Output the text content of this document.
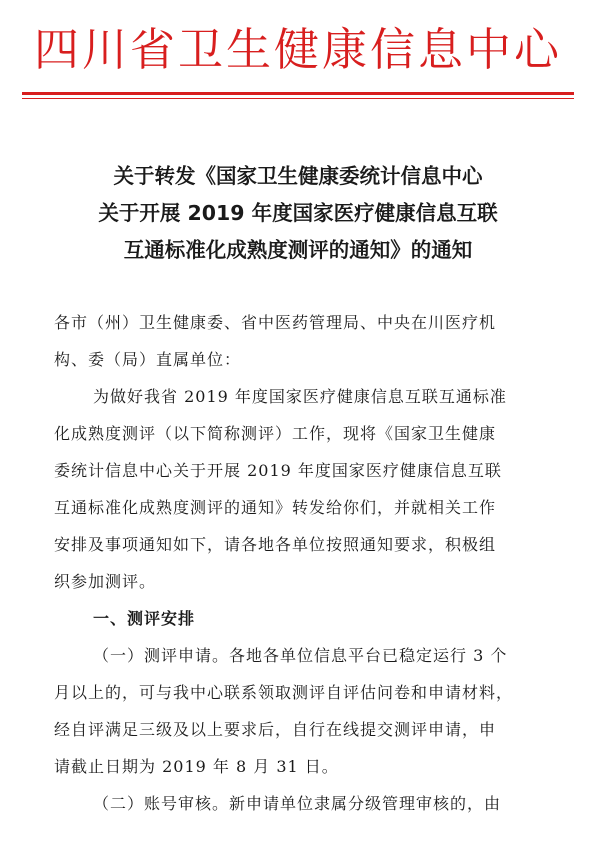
四川省卫生健康信息中心
关于转发《国家卫生健康委统计信息中心
关于开展 2019 年度国家医疗健康信息互联
互通标准化成熟度测评的通知》的通知
各市（州）卫生健康委、省中医药管理局、中央在川医疗机
构、委（局）直属单位：
为做好我省 2019 年度国家医疗健康信息互联互通标准
化成熟度测评（以下简称测评）工作，现将《国家卫生健康
委统计信息中心关于开展 2019 年度国家医疗健康信息互联
互通标准化成熟度测评的通知》转发给你们，并就相关工作
安排及事项通知如下，请各地各单位按照通知要求，积极组
织参加测评。
一、测评安排
（一）测评申请。各地各单位信息平台已稳定运行 3 个
月以上的，可与我中心联系领取测评自评估问卷和申请材料，
经自评满足三级及以上要求后，自行在线提交测评申请，申
请截止日期为 2019 年 8 月 31 日。
（二）账号审核。新申请单位隶属分级管理审核的，由
